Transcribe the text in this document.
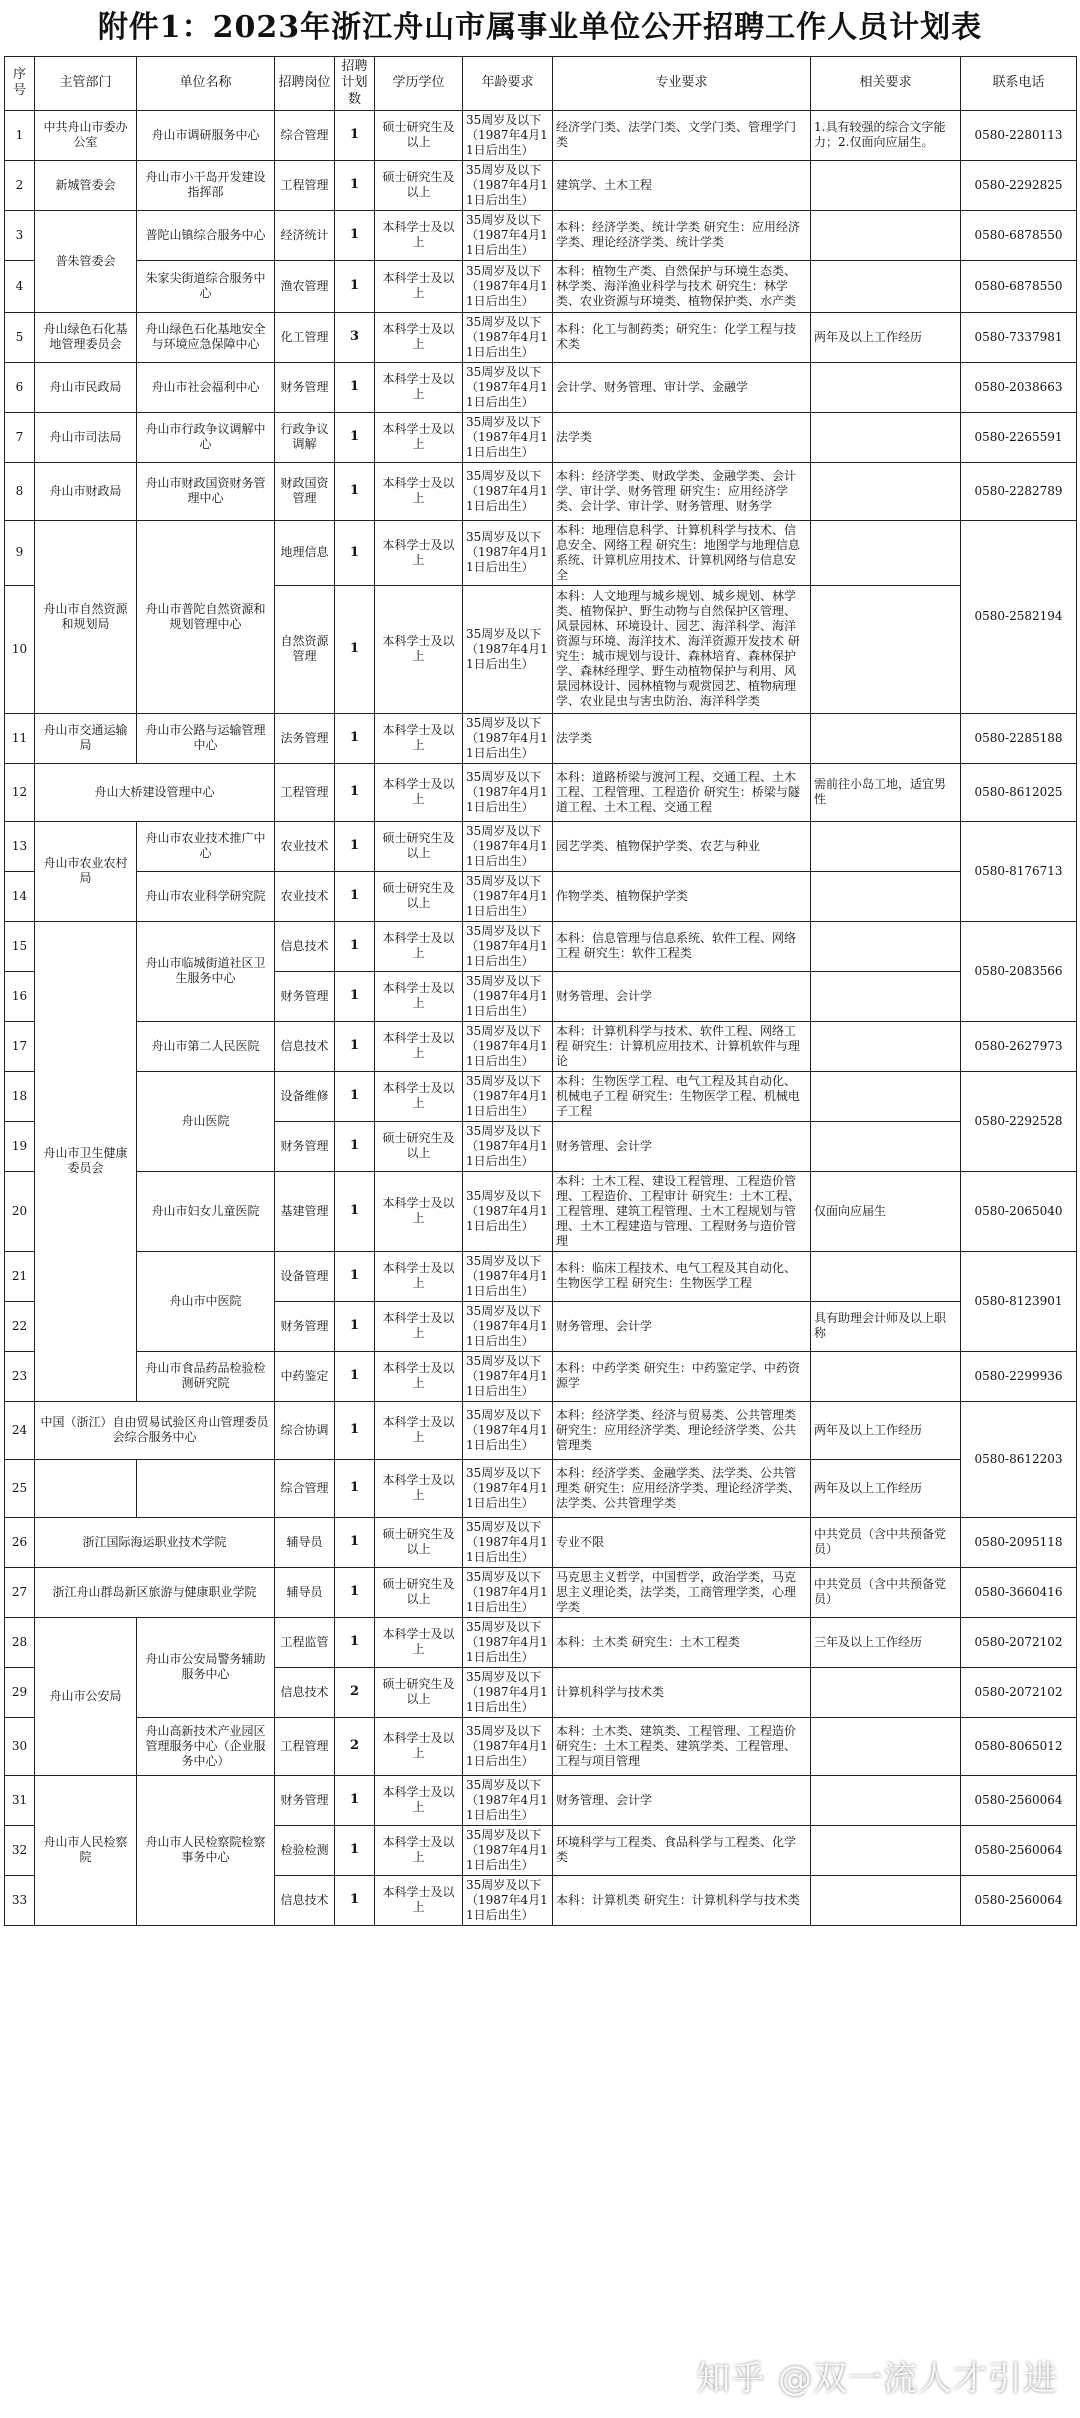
附件1：2023年浙江舟山市属事业单位公开招聘工作人员计划表
序号	主管部门	单位名称	招聘岗位	招聘计划数	学历学位	年龄要求	专业要求	相关要求	联系电话
1	中共舟山市委办公室	舟山市调研服务中心	综合管理	1	硕士研究生及以上	35周岁及以下（1987年4月11日后出生）	经济学门类、法学门类、文学门类、管理学门类	1.具有较强的综合文字能力；2.仅面向应届生。	0580-2280113
2	新城管委会	舟山市小干岛开发建设指挥部	工程管理	1	硕士研究生及以上	35周岁及以下（1987年4月11日后出生）	建筑学、土木工程		0580-2292825
3	普朱管委会	普陀山镇综合服务中心	经济统计	1	本科学士及以上	35周岁及以下（1987年4月11日后出生）	本科：经济学类、统计学类 研究生：应用经济学类、理论经济学类、统计学类		0580-6878550
4		朱家尖街道综合服务中心	渔农管理	1	本科学士及以上	35周岁及以下（1987年4月11日后出生）	本科：植物生产类、自然保护与环境生态类、林学类、海洋渔业科学与技术 研究生：林学类、农业资源与环境类、植物保护类、水产类		0580-6878550
5	舟山绿色石化基地管理委员会	舟山绿色石化基地安全与环境应急保障中心	化工管理	3	本科学士及以上	35周岁及以下（1987年4月11日后出生）	本科：化工与制药类；研究生：化学工程与技术类	两年及以上工作经历	0580-7337981
6	舟山市民政局	舟山市社会福利中心	财务管理	1	本科学士及以上	35周岁及以下（1987年4月11日后出生）	会计学、财务管理、审计学、金融学		0580-2038663
7	舟山市司法局	舟山市行政争议调解中心	行政争议调解	1	本科学士及以上	35周岁及以下（1987年4月11日后出生）	法学类		0580-2265591
8	舟山市财政局	舟山市财政国资财务管理中心	财政国资管理	1	本科学士及以上	35周岁及以下（1987年4月11日后出生）	本科：经济学类、财政学类、金融学类、会计学、审计学、财务管理 研究生：应用经济学类、会计学、审计学、财务管理、财务学		0580-2282789
9	舟山市自然资源和规划局	舟山市普陀自然资源和规划管理中心	地理信息	1	本科学士及以上	35周岁及以下（1987年4月11日后出生）	本科：地理信息科学、计算机科学与技术、信息安全、网络工程 研究生：地图学与地理信息系统、计算机应用技术、计算机网络与信息安全		0580-2582194
10			自然资源管理	1	本科学士及以上	35周岁及以下（1987年4月11日后出生）	本科：人文地理与城乡规划、城乡规划、林学类、植物保护、野生动物与自然保护区管理、风景园林、环境设计、园艺、海洋科学、海洋资源与环境、海洋技术、海洋资源开发技术 研究生：城市规划与设计、森林培育、森林保护学、森林经理学、野生动植物保护与利用、风景园林设计、园林植物与观赏园艺、植物病理学、农业昆虫与害虫防治、海洋科学类		
11	舟山市交通运输局	舟山市公路与运输管理中心	法务管理	1	本科学士及以上	35周岁及以下（1987年4月11日后出生）	法学类		0580-2285188
12	舟山大桥建设管理中心		工程管理	1	本科学士及以上	35周岁及以下（1987年4月11日后出生）	本科：道路桥梁与渡河工程、交通工程、土木工程、工程管理、工程造价 研究生：桥梁与隧道工程、土木工程、交通工程	需前往小岛工地，适宜男性	0580-8612025
13	舟山市农业农村局	舟山市农业技术推广中心	农业技术	1	硕士研究生及以上	35周岁及以下（1987年4月11日后出生）	园艺学类、植物保护学类、农艺与种业		0580-8176713
14		舟山市农业科学研究院	农业技术	1	硕士研究生及以上	35周岁及以下（1987年4月11日后出生）	作物学类、植物保护学类		
15	舟山市卫生健康委员会	舟山市临城街道社区卫生服务中心	信息技术	1	本科学士及以上	35周岁及以下（1987年4月11日后出生）	本科：信息管理与信息系统、软件工程、网络工程 研究生：软件工程类		0580-2083566
16			财务管理	1	本科学士及以上	35周岁及以下（1987年4月11日后出生）	财务管理、会计学		
17		舟山市第二人民医院	信息技术	1	本科学士及以上	35周岁及以下（1987年4月11日后出生）	本科：计算机科学与技术、软件工程、网络工程 研究生：计算机应用技术、计算机软件与理论		0580-2627973
18		舟山医院	设备维修	1	本科学士及以上	35周岁及以下（1987年4月11日后出生）	本科：生物医学工程、电气工程及其自动化、机械电子工程 研究生：生物医学工程、机械电子工程		0580-2292528
19			财务管理	1	硕士研究生及以上	35周岁及以下（1987年4月11日后出生）	财务管理、会计学		
20		舟山市妇女儿童医院	基建管理	1	本科学士及以上	35周岁及以下（1987年4月11日后出生）	本科：土木工程、建设工程管理、工程造价管理、工程造价、工程审计 研究生：土木工程、工程管理、建筑工程管理、土木工程规划与管理、土木工程建造与管理、工程财务与造价管理	仅面向应届生	0580-2065040
21		舟山市中医院	设备管理	1	本科学士及以上	35周岁及以下（1987年4月11日后出生）	本科：临床工程技术、电气工程及其自动化、生物医学工程 研究生：生物医学工程		0580-8123901
22			财务管理	1	本科学士及以上	35周岁及以下（1987年4月11日后出生）	财务管理、会计学	具有助理会计师及以上职称	
23		舟山市食品药品检验检测研究院	中药鉴定	1	本科学士及以上	35周岁及以下（1987年4月11日后出生）	本科：中药学类 研究生：中药鉴定学、中药资源学		0580-2299936
24	中国（浙江）自由贸易试验区舟山管理委员会综合服务中心		综合协调	1	本科学士及以上	35周岁及以下（1987年4月11日后出生）	本科：经济学类、经济与贸易类、公共管理类 研究生：应用经济学类、理论经济学类、公共管理类	两年及以上工作经历	0580-8612203
25			综合管理	1	本科学士及以上	35周岁及以下（1987年4月11日后出生）	本科：经济学类、金融学类、法学类、公共管理类 研究生：应用经济学类、理论经济学类、法学类、公共管理学类	两年及以上工作经历	
26	浙江国际海运职业技术学院		辅导员	1	硕士研究生及以上	35周岁及以下（1987年4月11日后出生）	专业不限	中共党员（含中共预备党员）	0580-2095118
27	浙江舟山群岛新区旅游与健康职业学院		辅导员	1	硕士研究生及以上	35周岁及以下（1987年4月11日后出生）	马克思主义哲学，中国哲学，政治学类，马克思主义理论类，法学类，工商管理学类，心理学类	中共党员（含中共预备党员）	0580-3660416
28	舟山市公安局	舟山市公安局警务辅助服务中心	工程监管	1	本科学士及以上	35周岁及以下（1987年4月11日后出生）	本科：土木类 研究生：土木工程类	三年及以上工作经历	0580-2072102
29			信息技术	2	硕士研究生及以上	35周岁及以下（1987年4月11日后出生）	计算机科学与技术类		0580-2072102
30		舟山高新技术产业园区管理服务中心（企业服务中心）	工程管理	2	本科学士及以上	35周岁及以下（1987年4月11日后出生）	本科：土木类、建筑类、工程管理、工程造价 研究生：土木工程类、建筑学类、工程管理、工程与项目管理		0580-8065012
31	舟山市人民检察院	舟山市人民检察院检察事务中心	财务管理	1	本科学士及以上	35周岁及以下（1987年4月11日后出生）	财务管理、会计学		0580-2560064
32			检验检测	1	本科学士及以上	35周岁及以下（1987年4月11日后出生）	环境科学与工程类、食品科学与工程类、化学类		0580-2560064
33			信息技术	1	本科学士及以上	35周岁及以下（1987年4月11日后出生）	本科：计算机类 研究生：计算机科学与技术类		0580-2560064
知乎 @双一流人才引进
